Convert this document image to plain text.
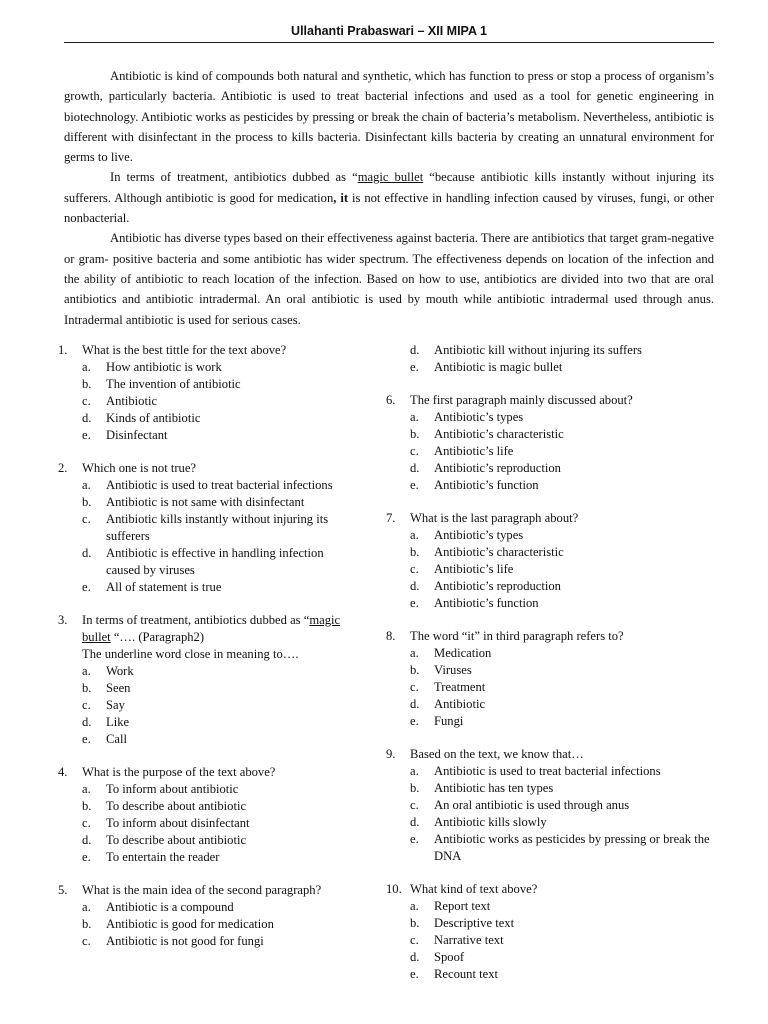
Ullahanti Prabaswari – XII MIPA 1

Antibiotic is kind of compounds both natural and synthetic, which has function to press or stop a process of organism’s growth, particularly bacteria. Antibiotic is used to treat bacterial infections and used as a tool for genetic engineering in biotechnology. Antibiotic works as pesticides by pressing or break the chain of bacteria’s metabolism. Nevertheless, antibiotic is different with disinfectant in the process to kills bacteria. Disinfectant kills bacteria by creating an unnatural environment for germs to live.

In terms of treatment, antibiotics dubbed as “magic bullet “because antibiotic kills instantly without injuring its sufferers. Although antibiotic is good for medication, it is not effective in handling infection caused by viruses, fungi, or other nonbacterial.

Antibiotic has diverse types based on their effectiveness against bacteria. There are antibiotics that target gram-negative or gram- positive bacteria and some antibiotic has wider spectrum. The effectiveness depends on location of the infection and the ability of antibiotic to reach location of the infection. Based on how to use, antibiotics are divided into two that are oral antibiotics and antibiotic intradermal. An oral antibiotic is used by mouth while antibiotic intradermal used through anus. Intradermal antibiotic is used for serious cases.

1.	What is the best tittle for the text above?
a.	How antibiotic is work
b.	The invention of antibiotic
c.	Antibiotic
d.	Kinds of antibiotic
e.	Disinfectant
2.	Which one is not true?
a.	Antibiotic is used to treat bacterial infections
b.	Antibiotic is not same with disinfectant
c.	Antibiotic kills instantly without injuring its sufferers
d.	Antibiotic is effective in handling infection caused by viruses
e.	All of statement is true
3.	In terms of treatment, antibiotics dubbed as “magic bullet “…. (Paragraph2)
The underline word close in meaning to….
a.	Work
b.	Seen
c.	Say
d.	Like
e.	Call
4.	What is the purpose of the text above?
a.	To inform about antibiotic
b.	To describe about antibiotic
c.	To inform about disinfectant
d.	To describe about antibiotic
e.	To entertain the reader
5.	What is the main idea of the second paragraph?
a.	Antibiotic is a compound
b.	Antibiotic is good for medication
c.	Antibiotic is not good for fungi
d.	Antibiotic kill without injuring its suffers
e.	Antibiotic is magic bullet
6.	The first paragraph mainly discussed about?
a.	Antibiotic’s types
b.	Antibiotic’s characteristic
c.	Antibiotic’s life
d.	Antibiotic’s reproduction
e.	Antibiotic’s function
7.	What is the last paragraph about?
a.	Antibiotic’s types
b.	Antibiotic’s characteristic
c.	Antibiotic’s life
d.	Antibiotic’s reproduction
e.	Antibiotic’s function
8.	The word “it” in third paragraph refers to?
a.	Medication
b.	Viruses
c.	Treatment
d.	Antibiotic
e.	Fungi
9.	Based on the text, we know that…
a.	Antibiotic is used to treat bacterial infections
b.	Antibiotic has ten types
c.	An oral antibiotic is used through anus
d.	Antibiotic kills slowly
e.	Antibiotic works as pesticides by pressing or break the DNA
10. What kind of text above?
a.	Report text
b.	Descriptive text
c.	Narrative text
d.	Spoof
e.	Recount text
